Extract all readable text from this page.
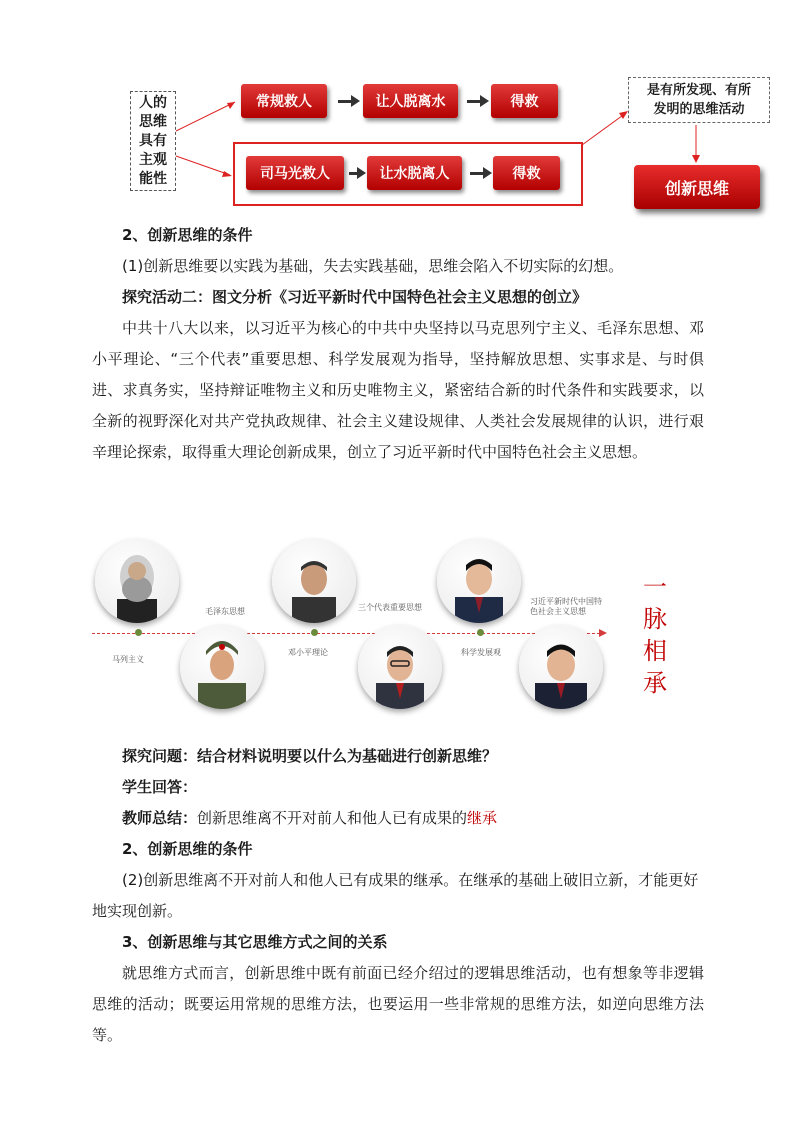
人的
思维
具有
主观
能性
常规救人	让人脱离水	得救
司马光救人	让水脱离人	得救
是有所发现、有所
发明的思维活动
创新思维
2、创新思维的条件
(1)创新思维要以实践为基础，失去实践基础，思维会陷入不切实际的幻想。
探究活动二：图文分析《习近平新时代中国特色社会主义思想的创立》
中共十八大以来，以习近平为核心的中共中央坚持以马克思列宁主义、毛泽东思想、邓小平理论、“三个代表”重要思想、科学发展观为指导，坚持解放思想、实事求是、与时俱进、求真务实，坚持辩证唯物主义和历史唯物主义，紧密结合新的时代条件和实践要求，以全新的视野深化对共产党执政规律、社会主义建设规律、人类社会发展规律的认识，进行艰辛理论探索，取得重大理论创新成果，创立了习近平新时代中国特色社会主义思想。
马列主义
毛泽东思想
邓小平理论
三个代表重要思想
科学发展观
习近平新时代中国特
色社会主义思想
一
脉
相
承
探究问题：结合材料说明要以什么为基础进行创新思维？
学生回答：
教师总结：创新思维离不开对前人和他人已有成果的继承
2、创新思维的条件
(2)创新思维离不开对前人和他人已有成果的继承。在继承的基础上破旧立新，才能更好地实现创新。
3、创新思维与其它思维方式之间的关系
就思维方式而言，创新思维中既有前面已经介绍过的逻辑思维活动，也有想象等非逻辑思维的活动；既要运用常规的思维方法，也要运用一些非常规的思维方法，如逆向思维方法等。
